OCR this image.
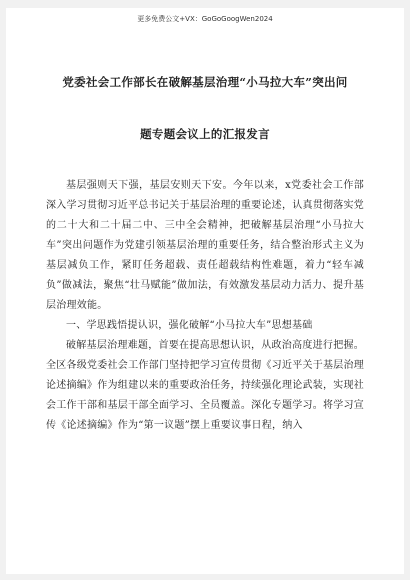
更多免费公文+VX：GoGoGoogWen2024
党委社会工作部长在破解基层治理“小马拉大车”突出问
题专题会议上的汇报发言

基层强则天下强，基层安则天下安。今年以来，x党委社会工作部深入学习贯彻习近平总书记关于基层治理的重要论述，认真贯彻落实党的二十大和二十届二中、三中全会精神，把破解基层治理“小马拉大车”突出问题作为党建引领基层治理的重要任务，结合整治形式主义为基层减负工作，紧盯任务超载、责任超载结构性难题，着力“轻车减负”做减法，聚焦“壮马赋能”做加法，有效激发基层动力活力、提升基层治理效能。

一、学思践悟提认识，强化破解“小马拉大车”思想基础

破解基层治理难题，首要在提高思想认识，从政治高度进行把握。全区各级党委社会工作部门坚持把学习宣传贯彻《习近平关于基层治理论述摘编》作为组建以来的重要政治任务，持续强化理论武装，实现社会工作干部和基层干部全面学习、全员覆盖。深化专题学习。将学习宣传《论述摘编》作为“第一议题”摆上重要议事日程，纳入
